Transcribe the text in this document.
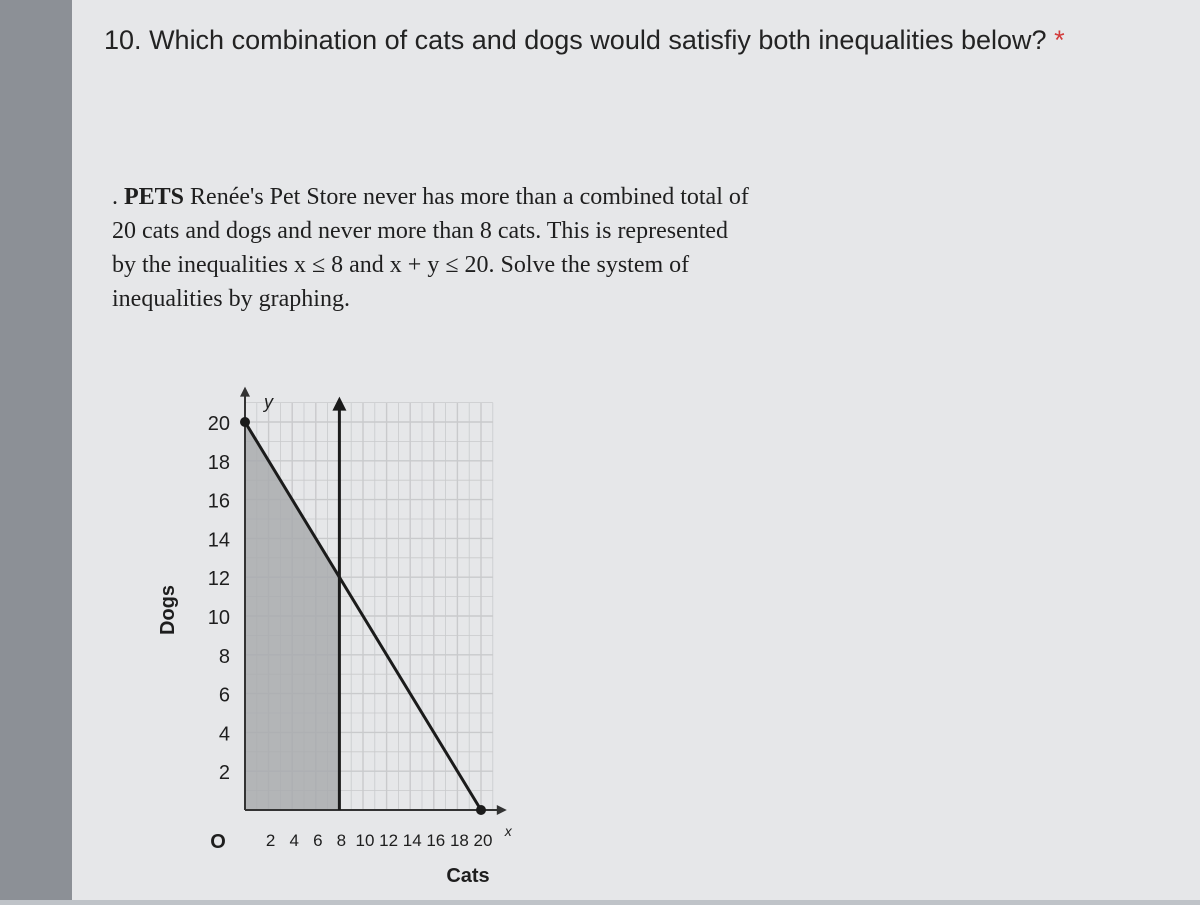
10. Which combination of cats and dogs would satisfiy both inequalities below? *
. PETS Renée's Pet Store never has more than a combined total of 20 cats and dogs and never more than 8 cats. This is represented by the inequalities x ≤ 8 and x + y ≤ 20. Solve the system of inequalities by graphing.
2
4
6
8
10
12
14
16
18
20
2 4 6 8 10 12 14 16 18 20
O	x
y
Cats
Dogs
